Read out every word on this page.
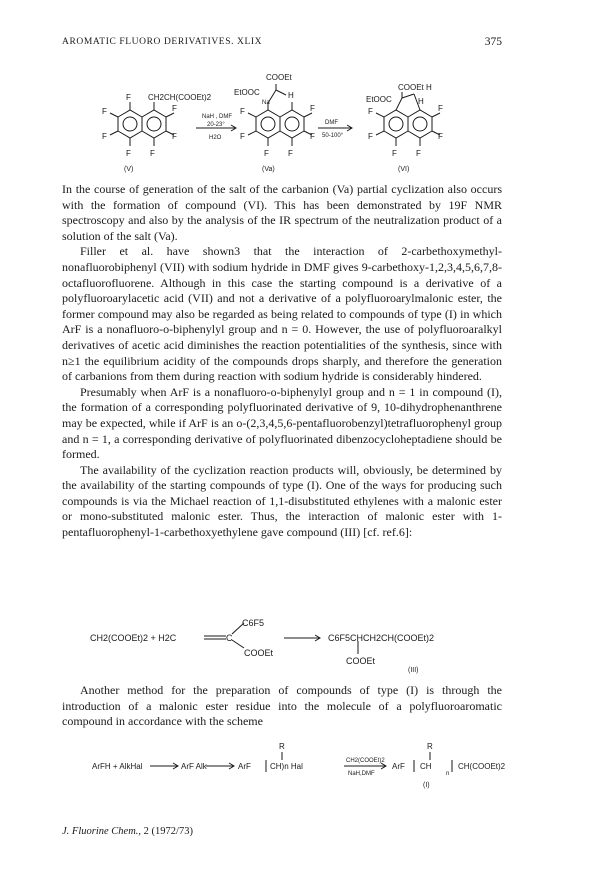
AROMATIC FLUORO DERIVATIVES. XLIX	375
F CH2CH(COOEt)2
F
F
F
F
F F
(V)
NaH , DMF
20-23°
H2O
COOEt
EtOOC	H
Na
F
F
F
F
F F
(Va)
DMF
50-100°
COOEt H
EtOOC	H
F
F
F
F
F F
(VI)

In the course of generation of the salt of the carbanion (Va) partial cyclization also occurs with the formation of compound (VI). This has been demonstrated by 19F NMR spectroscopy and also by the analysis of the IR spectrum of the neutralization product of a solution of the salt (Va).

Filler et al. have shown3 that the interaction of 2-carbethoxymethyl-nonafluorobiphenyl (VII) with sodium hydride in DMF gives 9-carbethoxy-1,2,3,4,5,6,7,8-octafluorofluorene. Although in this case the starting compound is a derivative of a polyfluoroarylacetic acid (VII) and not a derivative of a polyfluoroarylmalonic ester, the former compound may also be regarded as being related to compounds of type (I) in which ArF is a nonafluoro-o-biphenylyl group and n = 0. However, the use of polyfluoroaralkyl derivatives of acetic acid diminishes the reaction potentialities of the synthesis, since with n≥1 the equilibrium acidity of the compounds drops sharply, and therefore the generation of carbanions from them during reaction with sodium hydride is considerably hindered.

Presumably when ArF is a nonafluoro-o-biphenylyl group and n = 1 in compound (I), the formation of a corresponding polyfluorinated derivative of 9, 10-dihydrophenanthrene may be expected, while if ArF is an o-(2,3,4,5,6-pentafluorobenzyl)tetrafluorophenyl group and n = 1, a corresponding derivative of polyfluorinated dibenzocycloheptadiene should be formed.

The availability of the cyclization reaction products will, obviously, be determined by the availability of the starting compounds of type (I). One of the ways for producing such compounds is via the Michael reaction of 1,1-disubstituted ethylenes with a malonic ester or mono-substituted malonic ester. Thus, the interaction of malonic ester with 1-pentafluorophenyl-1-carbethoxyethylene gave compound (III) [cf. ref.6]:

CH2(COOEt)2 + H2C	C
C6F5
COOEt
C6F5CHCH2CH(COOEt)2
COOEt
(III)

Another method for the preparation of compounds of type (I) is through the introduction of a malonic ester residue into the molecule of a polyfluoroaromatic compound in accordance with the scheme

ArFH + AlkHal	ArF Alk	ArF CH)n Hal
R
CH2(COOEt)2
NaH,DMF
ArF CH
R
n
CH(COOEt)2
(I)
J. Fluorine Chem., 2 (1972/73)
